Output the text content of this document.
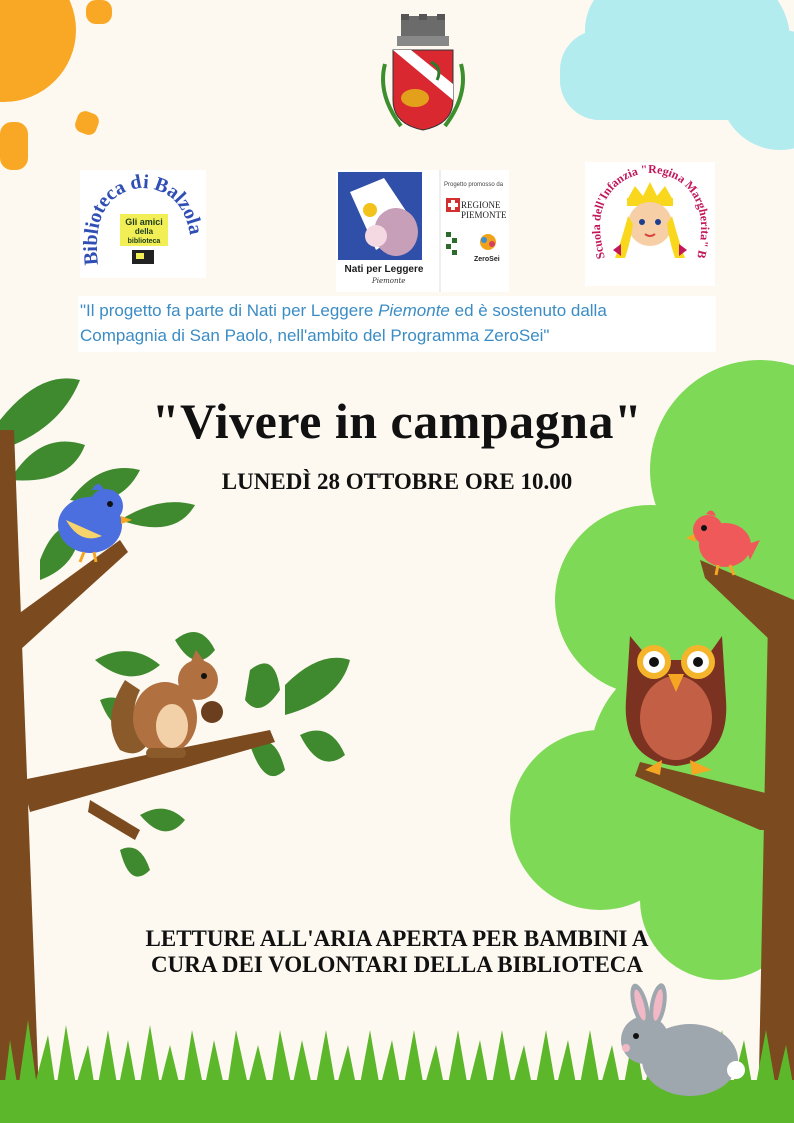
Biblioteca di Balzola
Gli amici
della
biblioteca
Nati per Leggere
Piemonte
Progetto promosso da
REGIONE
PIEMONTE
ZeroSei	Scuola dell'Infanzia "Regina Margherita" B
"Il progetto fa parte di Nati per Leggere Piemonte ed è sostenuto dalla
Compagnia di San Paolo, nell'ambito del Programma ZeroSei"
"Vivere in campagna"
LUNEDÌ 28 OTTOBRE ORE 10.00
LETTURE ALL'ARIA APERTA PER BAMBINI A
CURA DEI VOLONTARI DELLA BIBLIOTECA
